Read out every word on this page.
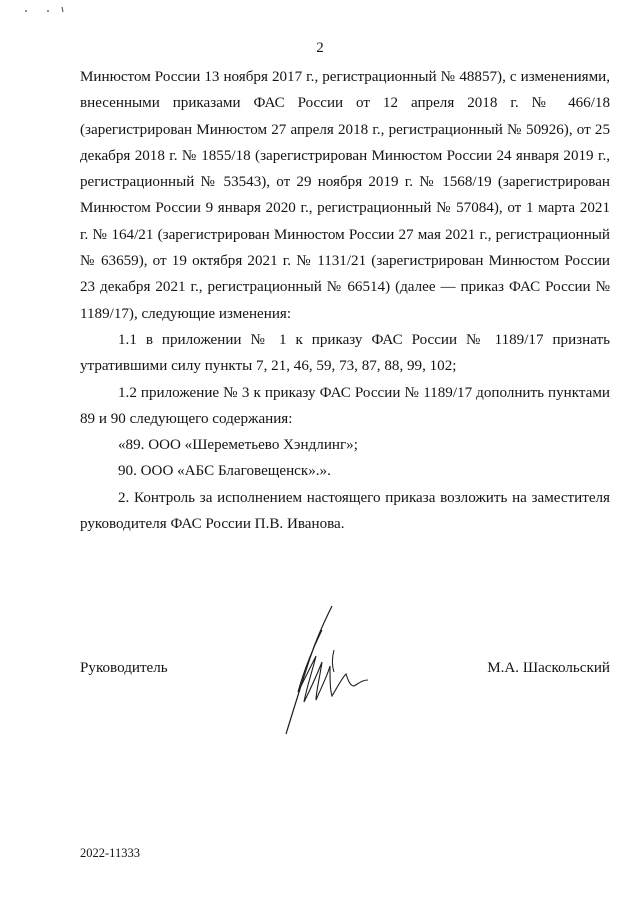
2

Минюстом России 13 ноября 2017 г., регистрационный № 48857), с изменениями, внесенными приказами ФАС России от 12 апреля 2018 г. № 466/18 (зарегистрирован Минюстом 27 апреля 2018 г., регистрационный № 50926), от 25 декабря 2018 г. № 1855/18 (зарегистрирован Минюстом России 24 января 2019 г., регистрационный № 53543), от 29 ноября 2019 г. № 1568/19 (зарегистрирован Минюстом России 9 января 2020 г., регистрационный № 57084), от 1 марта 2021 г. № 164/21 (зарегистрирован Минюстом России 27 мая 2021 г., регистрационный № 63659), от 19 октября 2021 г. № 1131/21 (зарегистрирован Минюстом России 23 декабря 2021 г., регистрационный № 66514) (далее — приказ ФАС России № 1189/17), следующие изменения:

1.1 в приложении № 1 к приказу ФАС России № 1189/17 признать утратившими силу пункты 7, 21, 46, 59, 73, 87, 88, 99, 102;

1.2 приложение № 3 к приказу ФАС России № 1189/17 дополнить пунктами 89 и 90 следующего содержания:

«89. ООО «Шереметьево Хэндлинг»;

90. ООО «АБС Благовещенск».».

2. Контроль за исполнением настоящего приказа возложить на заместителя руководителя ФАС России П.В. Иванова.

Руководитель	М.А. Шаскольский
2022-11333
